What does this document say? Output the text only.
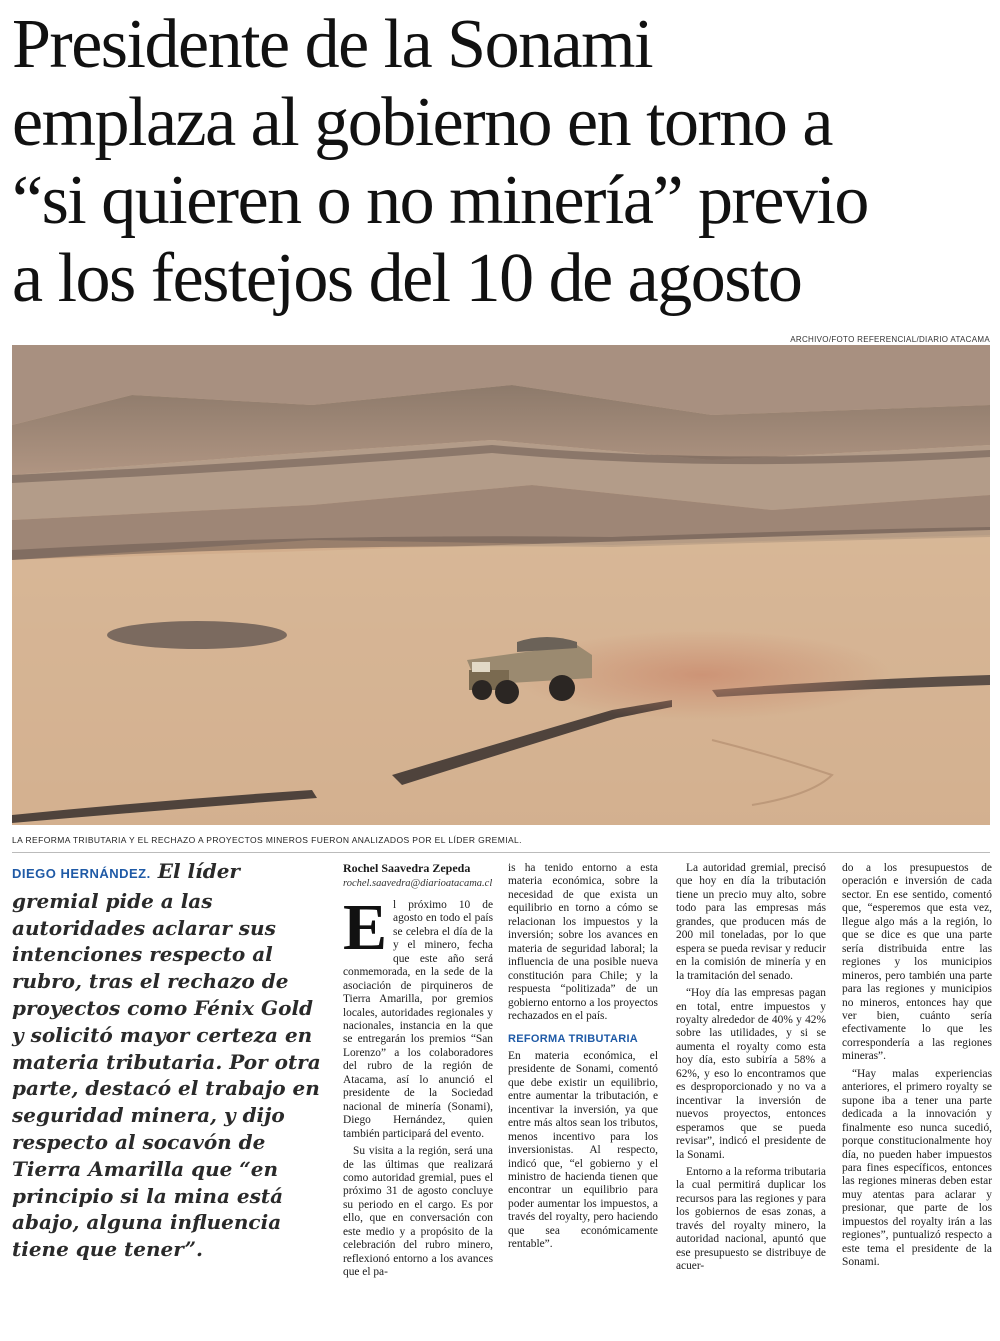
Presidente de la Sonami
emplaza al gobierno en torno a
“si quieren o no minería” previo
a los festejos del 10 de agosto
ARCHIVO/FOTO REFERENCIAL/DIARIO ATACAMA
LA REFORMA TRIBUTARIA Y EL RECHAZO A PROYECTOS MINEROS FUERON ANALIZADOS POR EL LÍDER GREMIAL.
DIEGO HERNÁNDEZ. El líder gremial pide a las autoridades aclarar sus intenciones respecto al rubro, tras el rechazo de proyectos como Fénix Gold y solicitó mayor certeza en materia tributaria. Por otra parte, destacó el trabajo en seguridad minera, y dijo respecto al socavón de Tierra Amarilla que “en principio si la mina está abajo, alguna influencia tiene que tener”.
Rochel Saavedra Zepeda
rochel.saavedra@diarioatacama.cl

El próximo 10 de agosto en todo el país se celebra el día de la y el minero, fecha que este año será conmemorada, en la sede de la asociación de pirquineros de Tierra Amarilla, por gremios locales, autoridades regionales y nacionales, instancia en la que se entregarán los premios “San Lorenzo” a los colaboradores del rubro de la región de Atacama, así lo anunció el presidente de la Sociedad nacional de minería (Sonami), Diego Hernández, quien también participará del evento.

Su visita a la región, será una de las últimas que realizará como autoridad gremial, pues el próximo 31 de agosto concluye su periodo en el cargo. Es por ello, que en conversación con este medio y a propósito de la celebración del rubro minero, reflexionó entorno a los avances que el pa-

is ha tenido entorno a esta materia económica, sobre la necesidad de que exista un equilibrio en torno a cómo se relacionan los impuestos y la inversión; sobre los avances en materia de seguridad laboral; la influencia de una posible nueva constitución para Chile; y la respuesta “politizada” de un gobierno entorno a los proyectos rechazados en el país.

REFORMA TRIBUTARIA

En materia económica, el presidente de Sonami, comentó que debe existir un equilibrio, entre aumentar la tributación, e incentivar la inversión, ya que entre más altos sean los tributos, menos incentivo para los inversionistas. Al respecto, indicó que, “el gobierno y el ministro de hacienda tienen que encontrar un equilibrio para poder aumentar los impuestos, a través del royalty, pero haciendo que sea económicamente rentable”.

La autoridad gremial, precisó que hoy en día la tributación tiene un precio muy alto, sobre todo para las empresas más grandes, que producen más de 200 mil toneladas, por lo que espera se pueda revisar y reducir en la comisión de minería y en la tramitación del senado.

“Hoy día las empresas pagan en total, entre impuestos y royalty alrededor de 40% y 42% sobre las utilidades, y si se aumenta el royalty como esta hoy día, esto subiría a 58% a 62%, y eso lo encontramos que es desproporcionado y no va a incentivar la inversión de nuevos proyectos, entonces esperamos que se pueda revisar”, indicó el presidente de la Sonami.

Entorno a la reforma tributaria la cual permitirá duplicar los recursos para las regiones y para los gobiernos de esas zonas, a través del royalty minero, la autoridad nacional, apuntó que ese presupuesto se distribuye de acuer-

do a los presupuestos de operación e inversión de cada sector. En ese sentido, comentó que, “esperemos que esta vez, llegue algo más a la región, lo que se dice es que una parte sería distribuida entre las regiones y los municipios mineros, pero también una parte para las regiones y municipios no mineros, entonces hay que ver bien, cuánto sería efectivamente lo que les correspondería a las regiones mineras”.

“Hay malas experiencias anteriores, el primero royalty se supone iba a tener una parte dedicada a la innovación y finalmente eso nunca sucedió, porque constitucionalmente hoy día, no pueden haber impuestos para fines específicos, entonces las regiones mineras deben estar muy atentas para aclarar y presionar, que parte de los impuestos del royalty irán a las regiones”, puntualizó respecto a este tema el presidente de la Sonami.
